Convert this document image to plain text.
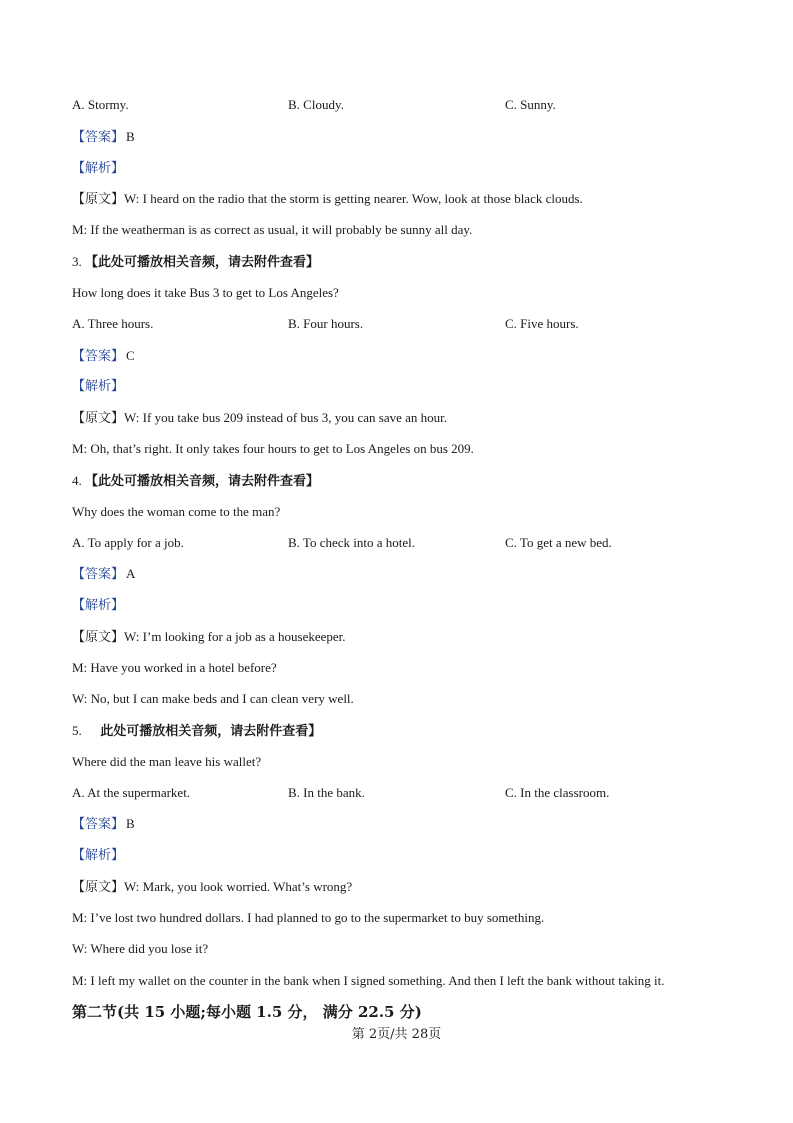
A. Stormy.	B. Cloudy.	C. Sunny.
【答案】 B
【解析】
【原文】W: I heard on the radio that the storm is getting nearer. Wow, look at those black clouds.
M: If the weatherman is as correct as usual, it will probably be sunny all day.
3. 【此处可播放相关音频，请去附件查看】
How long does it take Bus 3 to get to Los Angeles?
A. Three hours.	B. Four hours.	C. Five hours.
【答案】 C
【解析】
【原文】W: If you take bus 209 instead of bus 3, you can save an hour.
M: Oh, that’s right. It only takes four hours to get to Los Angeles on bus 209.
4. 【此处可播放相关音频，请去附件查看】
Why does the woman come to the man?
A. To apply for a job.	B. To check into a hotel.	C. To get a new bed.
【答案】 A
【解析】
【原文】W: I’m looking for a job as a housekeeper.
M: Have you worked in a hotel before?
W: No, but I can make beds and I can clean very well.
5. 此处可播放相关音频，请去附件查看】
Where did the man leave his wallet?
A. At the supermarket.	B. In the bank.	C. In the classroom.
【答案】 B
【解析】
【原文】W: Mark, you look worried. What’s wrong?
M: I’ve lost two hundred dollars. I had planned to go to the supermarket to buy something.
W: Where did you lose it?
M: I left my wallet on the counter in the bank when I signed something. And then I left the bank without taking it.
第二节(共 15 小题;每小题 1.5 分， 满分 22.5 分)
第 2页/共 28页
